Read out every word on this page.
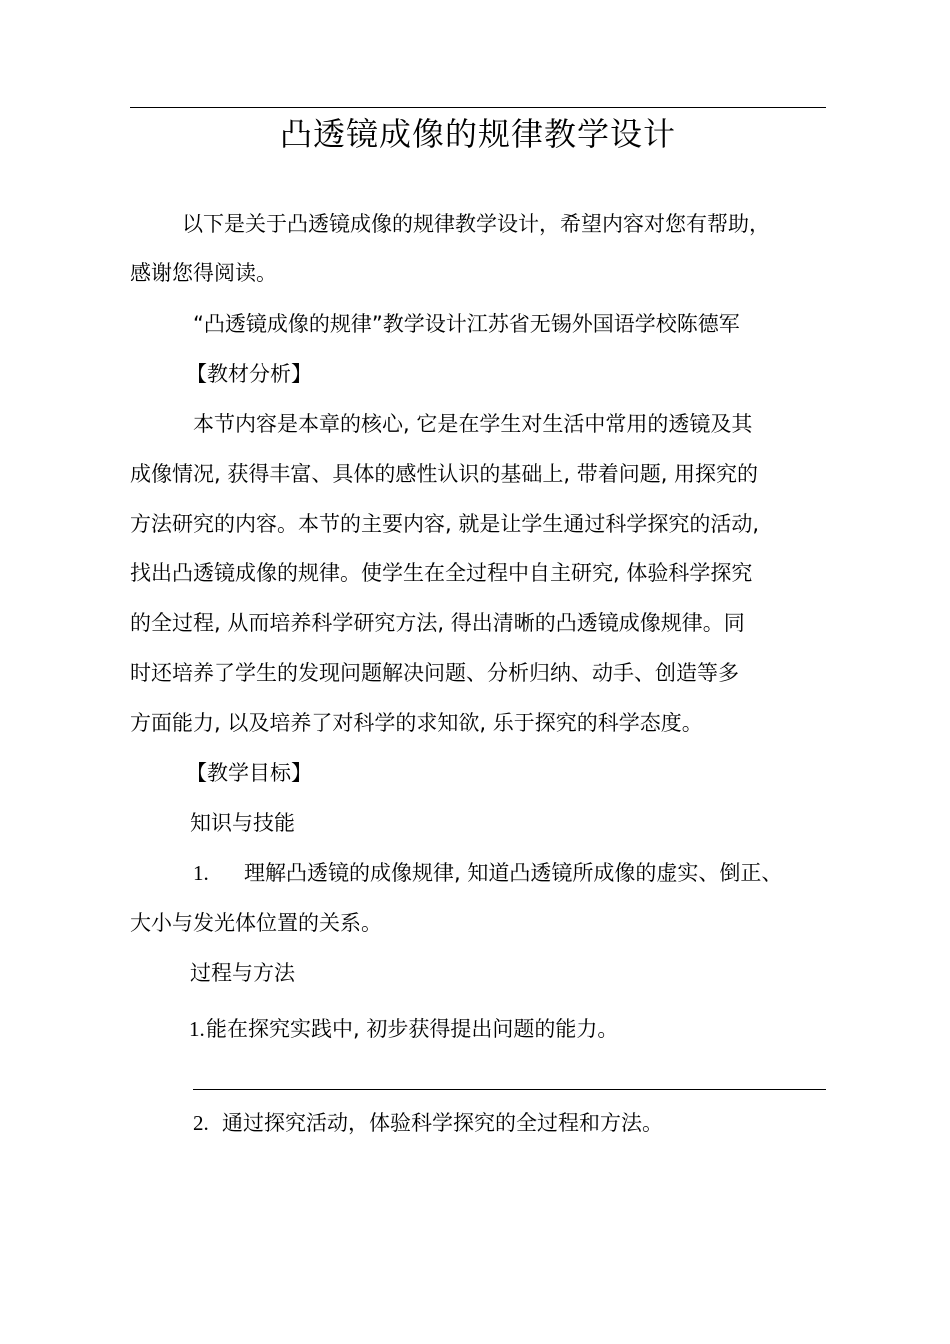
凸透镜成像的规律教学设计
以下是关于凸透镜成像的规律教学设计，希望内容对您有帮助，
感谢您得阅读。
“凸透镜成像的规律”教学设计江苏省无锡外国语学校陈德军
【教材分析】
本节内容是本章的核心, 它是在学生对生活中常用的透镜及其
成像情况, 获得丰富、具体的感性认识的基础上, 带着问题, 用探究的
方法研究的内容。本节的主要内容, 就是让学生通过科学探究的活动,
找出凸透镜成像的规律。使学生在全过程中自主研究, 体验科学探究
的全过程, 从而培养科学研究方法, 得出清晰的凸透镜成像规律。同
时还培养了学生的发现问题解决问题、分析归纳、动手、创造等多
方面能力, 以及培养了对科学的求知欲, 乐于探究的科学态度。
【教学目标】
知识与技能
1. 理解凸透镜的成像规律, 知道凸透镜所成像的虚实、倒正、
大小与发光体位置的关系。
过程与方法
1. 能在探究实践中, 初步获得提出问题的能力。
2. 通过探究活动，体验科学探究的全过程和方法。
